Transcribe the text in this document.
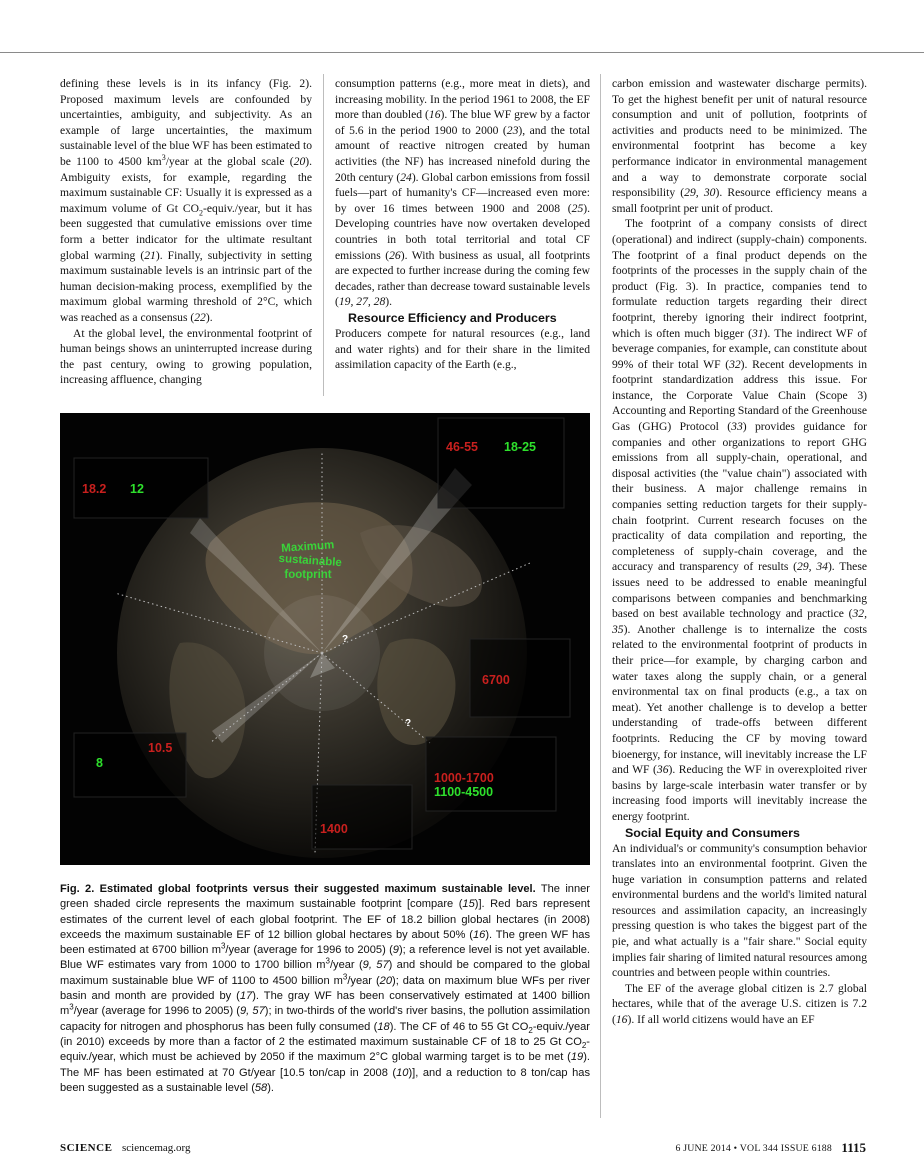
defining these levels is in its infancy (Fig. 2). Proposed maximum levels are confounded by uncertainties, ambiguity, and subjectivity. As an example of large uncertainties, the maximum sustainable level of the blue WF has been estimated to be 1100 to 4500 $km^3$/year at the global scale (20). Ambiguity exists, for example, regarding the maximum sustainable CF: Usually it is expressed as a maximum volume of Gt $CO_2-equiv$./year, but it has been suggested that cumulative emissions over time form a better indicator for the ultimate resultant global warming (21). Finally, subjectivity in setting maximum sustainable levels is an intrinsic part of the human decision-making process, exemplified by the maximum global warming threshold of 2°C, which was reached as a consensus (22).

At the global level, the environmental footprint of human beings shows an uninterrupted increase during the past century, owing to growing population, increasing affluence, changing

consumption patterns (e.g., more meat in diets), and increasing mobility. In the period 1961 to 2008, the EF more than doubled (16). The blue WF grew by a factor of 5.6 in the period 1900 to 2000 (23), and the total amount of reactive nitrogen created by human activities (the NF) has increased ninefold during the 20th century (24). Global carbon emissions from fossil fuels—part of humanity's CF—increased even more: by over 16 times between 1900 and 2008 (25). Developing countries have now overtaken developed countries in both total territorial and total CF emissions (26). With business as usual, all footprints are expected to further increase during the coming few decades, rather than decrease toward sustainable levels (19, 27, 28).

Resource Efficiency and Producers

Producers compete for natural resources (e.g., land and water rights) and for their share in the limited assimilation capacity of the Earth (e.g.,

carbon emission and wastewater discharge permits). To get the highest benefit per unit of natural resource consumption and unit of pollution, footprints of activities and products need to be minimized. The environmental footprint has become a key performance indicator in environmental management and a way to demonstrate corporate social responsibility (29, 30). Resource efficiency means a small footprint per unit of product.

The footprint of a company consists of direct (operational) and indirect (supply-chain) components. The footprint of a final product depends on the footprints of the processes in the supply chain of the product (Fig. 3). In practice, companies tend to formulate reduction targets regarding their direct footprint, thereby ignoring their indirect footprint, which is often much bigger (31). The indirect WF of beverage companies, for example, can constitute about 99% of their total WF (32). Recent developments in footprint standardization address this issue. For instance, the Corporate Value Chain (Scope 3) Accounting and Reporting Standard of the Greenhouse Gas (GHG) Protocol (33) provides guidance for companies and other organizations to report GHG emissions from all supply-chain, operational, and disposal activities (the "value chain") associated with their business. A major challenge remains in companies setting reduction targets for their supply-chain footprint. Current research focuses on the practicality of data compilation and reporting, the completeness of supply-chain coverage, and the accuracy and transparency of results (29, 34). These issues need to be addressed to enable meaningful comparisons between companies and benchmarking based on best available technology and practice (32, 35). Another challenge is to internalize the costs related to the environmental footprint of products in their price—for example, by charging carbon and water taxes along the supply chain, or a general environmental tax on final products (e.g., a tax on meat). Yet another challenge is to develop a better understanding of trade-offs between different footprints. Reducing the CF by moving toward bioenergy, for instance, will inevitably increase the LF and WF (36). Reducing the WF in overexploited river basins by large-scale interbasin water transfer or by increasing food imports will inevitably increase the energy footprint.

Social Equity and Consumers

An individual's or community's consumption behavior translates into an environmental footprint. Given the huge variation in consumption patterns and related environmental burdens and the world's limited natural resources and assimilation capacity, an increasingly pressing question is who takes the biggest part of the pie, and what actually is a "fair share." Social equity implies fair sharing of limited natural resources among countries and between people within countries.

The EF of the average global citizen is 2.7 global hectares, while that of the average U.S. citizen is 7.2 (16). If all world citizens would have an EF

Maximum
sustainable
footprint
?
?
46-55 18-25
18.2 12
6700
10.5
8
1000-1700
1100-4500
1400

Fig. 2. Estimated global footprints versus their suggested maximum sustainable level. The inner green shaded circle represents the maximum sustainable footprint [compare (15)]. Red bars represent estimates of the current level of each global footprint. The EF of 18.2 billion global hectares (in 2008) exceeds the maximum sustainable EF of 12 billion global hectares by about 50% (16). The green WF has been estimated at 6700 billion $m^3$/year (average for 1996 to 2005) (9); a reference level is not yet available. Blue WF estimates vary from 1000 to 1700 billion $m^3$/year (9, 57) and should be compared to the global maximum sustainable blue WF of 1100 to 4500 billion $m^3$/year (20); data on maximum blue WFs per river basin and month are provided by (17). The gray WF has been conservatively estimated at 1400 billion $m^3$/year (average for 1996 to 2005) (9, 57); in two-thirds of the world's river basins, the pollution assimilation capacity for nitrogen and phosphorus has been fully consumed (18). The CF of 46 to 55 Gt $CO_2-equiv$./year (in 2010) exceeds by more than a factor of 2 the estimated maximum sustainable CF of 18 to 25 Gt $CO_2-equiv$./year, which must be achieved by 2050 if the maximum 2°C global warming target is to be met (19). The MF has been estimated at 70 Gt/year [10.5 ton/cap in 2008 (10)], and a reduction to 8 ton/cap has been suggested as a sustainable level (58).

SCIENCE sciencemag.org	6 JUNE 2014 • VOL 344 ISSUE 6188 1115
